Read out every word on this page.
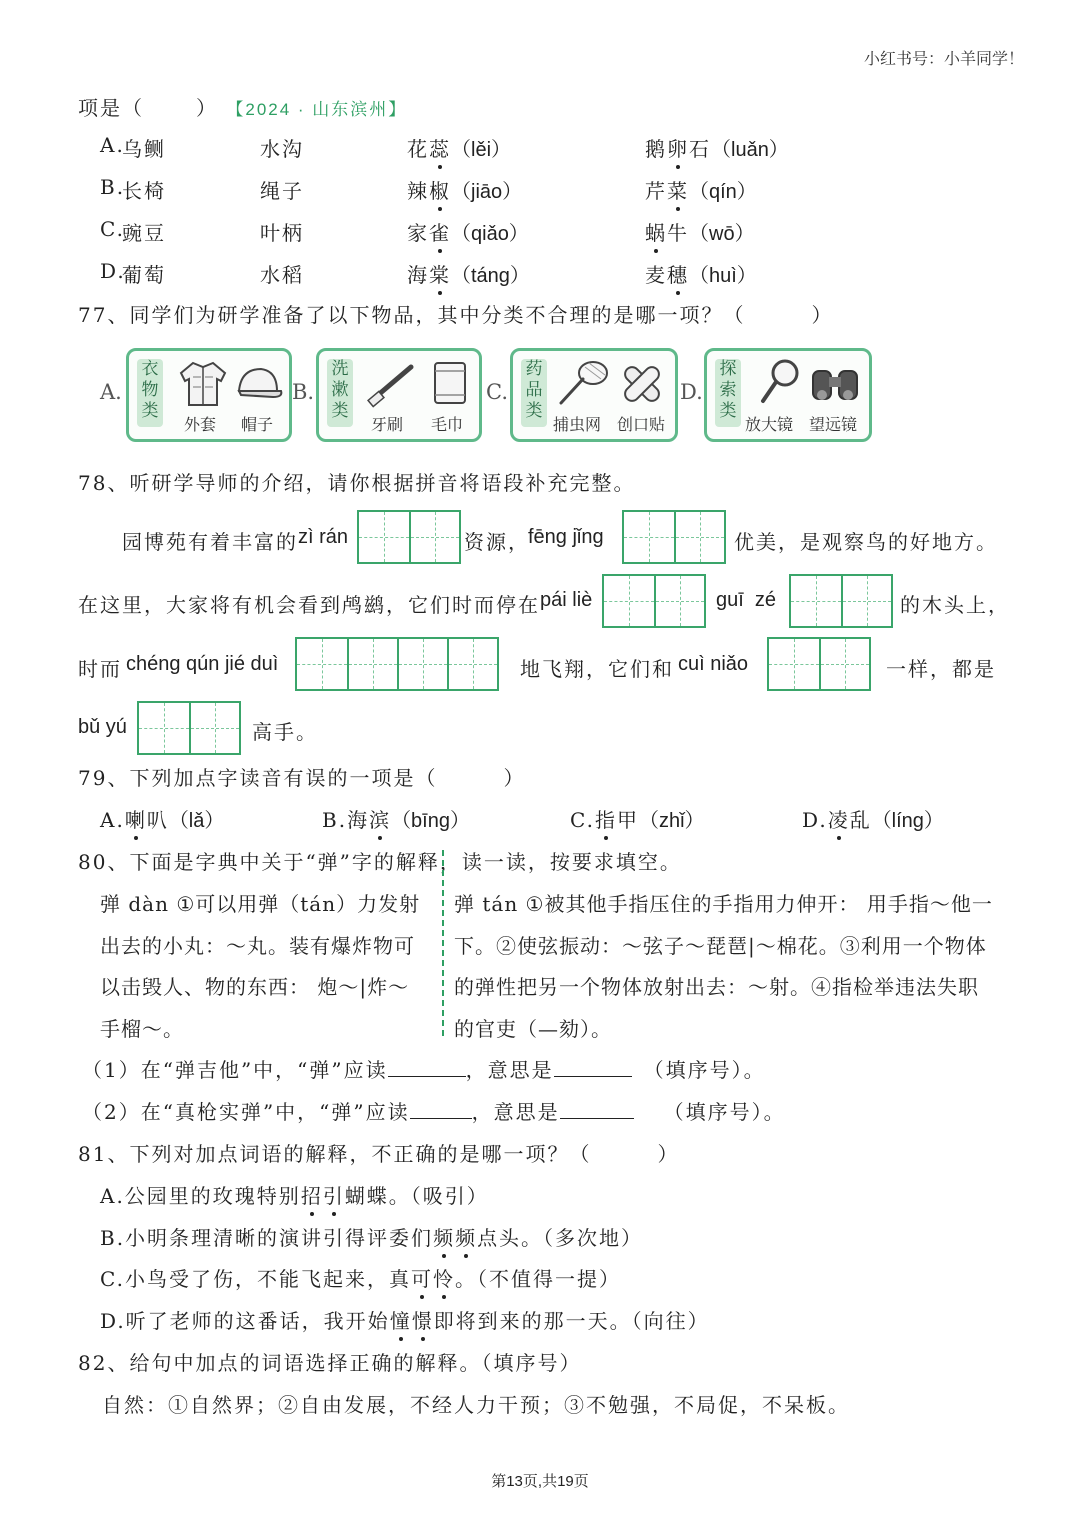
小红书号：小羊同学！
项是（	） 【2024 · 山东滨州】
A.
乌鲗	水沟	花蕊（lěi）	鹅卵石（luǎn）
B.
长椅	绳子	辣椒（jiāo）	芹菜（qín）
C.
豌豆	叶柄	家雀（qiǎo）	蜗牛（wō）
D.
葡萄	水稻	海棠（táng）	麦穗（huì）
77、同学们为研学准备了以下物品，其中分类不合理的是哪一项？（　　　）
A.
衣
物
类
外套 帽子
B.
洗
漱
类
牙刷 毛巾
C.
药
品
类
捕虫网 创口贴
D.
探
索
类
放大镜 望远镜
78、听研学导师的介绍，请你根据拼音将语段补充完整。
园博苑有着丰富的 zì rán	资源，
fēng jǐng	优美，是观察鸟的好地方。
在这里，大家将有机会看到鸬鹚，它们时而停在 pái liè	guī  zé	的木头上，
时而 chéng qún jié duì	地飞翔，它们和 cuì niǎo	一样，都是
bǔ yú	高手。
79、下列加点字读音有误的一项是（　　　）
A.喇叭（lǎ）	B.海滨（bīng）	C.指甲（zhǐ）	D.凌乱（líng）
80、下面是字典中关于“弹”字的解释，读一读，按要求填空。
弹 dàn ①可以用弹（tán）力发射
出去的小丸：～丸。装有爆炸物可
以击毁人、物的东西： 炮～|炸～
手榴～。
弹 tán ①被其他手指压住的手指用力伸开： 用手指～他一
下。②使弦振动：～弦子～琵琶|～棉花。③利用一个物体
的弹性把另一个物体放射出去：～射。④指检举违法失职
的官吏（—劾）。
（1）在“弹吉他”中，“弹”应读	，意思是	（填序号）。
（2）在“真枪实弹”中，“弹”应读	，意思是	（填序号）。
81、下列对加点词语的解释，不正确的是哪一项？（　　　）
A.公园里的玫瑰特别招引蝴蝶。（吸引）
B.小明条理清晰的演讲引得评委们频频点头。（多次地）
C.小鸟受了伤，不能飞起来，真可怜。（不值得一提）
D.听了老师的这番话，我开始憧憬即将到来的那一天。（向往）
82、给句中加点的词语选择正确的解释。（填序号）
自然：①自然界；②自由发展，不经人力干预；③不勉强，不局促，不呆板。
第13页,共19页
